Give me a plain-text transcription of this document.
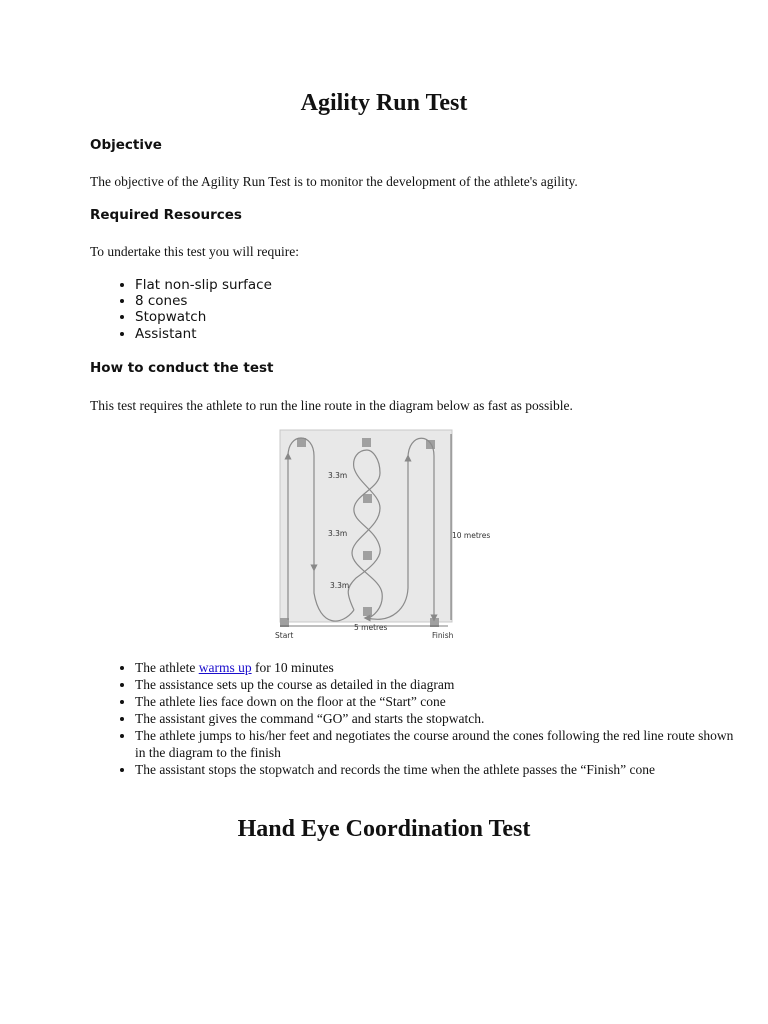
Agility Run Test

Objective

The objective of the Agility Run Test is to monitor the development of the athlete's agility.

Required Resources

To undertake this test you will require:

• Flat non-slip surface
• 8 cones
• Stopwatch
• Assistant

How to conduct the test

This test requires the athlete to run the line route in the diagram below as fast as possible.

3.3m
3.3m
3.3m
10 metres
5 metres
Start	Finish
• The athlete warms up for 10 minutes
• The assistance sets up the course as detailed in the diagram
• The athlete lies face down on the floor at the “Start” cone
• The assistant gives the command “GO” and starts the stopwatch.
• The athlete jumps to his/her feet and negotiates the course around the cones following the red line route shown in the diagram to the finish
• The assistant stops the stopwatch and records the time when the athlete passes the “Finish” cone
Hand Eye Coordination Test
